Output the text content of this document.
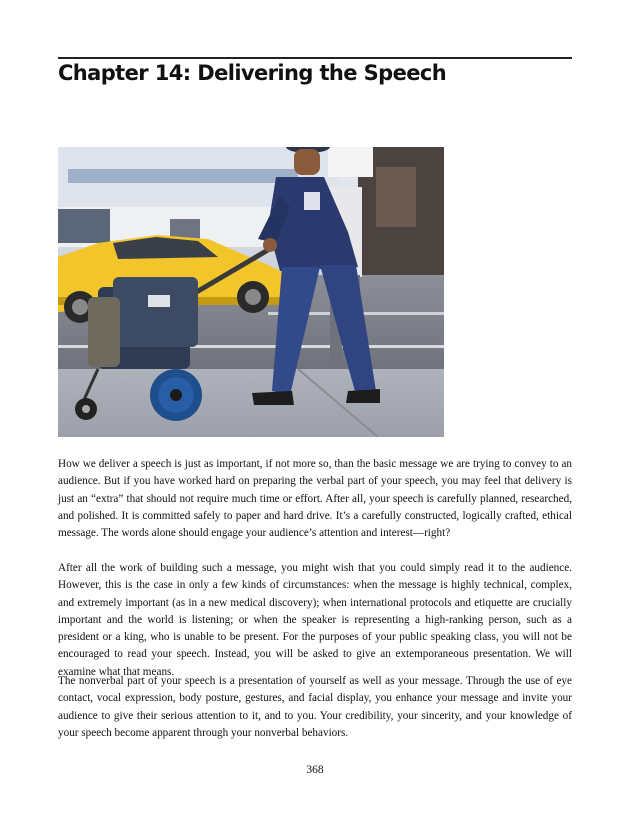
Chapter 14: Delivering the Speech

How we deliver a speech is just as important, if not more so, than the basic message we are trying to convey to an audience. But if you have worked hard on preparing the verbal part of your speech, you may feel that delivery is just an “extra” that should not require much time or effort. After all, your speech is carefully planned, researched, and polished. It is committed safely to paper and hard drive. It’s a carefully constructed, logically crafted, ethical message. The words alone should engage your audience’s attention and interest—right?

After all the work of building such a message, you might wish that you could simply read it to the audience. However, this is the case in only a few kinds of circumstances: when the message is highly technical, complex, and extremely important (as in a new medical discovery); when international protocols and etiquette are crucially important and the world is listening; or when the speaker is representing a high-ranking person, such as a president or a king, who is unable to be present. For the purposes of your public speaking class, you will not be encouraged to read your speech. Instead, you will be asked to give an extemporaneous presentation. We will examine what that means.

The nonverbal part of your speech is a presentation of yourself as well as your message. Through the use of eye contact, vocal expression, body posture, gestures, and facial display, you enhance your message and invite your audience to give their serious attention to it, and to you. Your credibility, your sincerity, and your knowledge of your speech become apparent through your nonverbal behaviors.

368
